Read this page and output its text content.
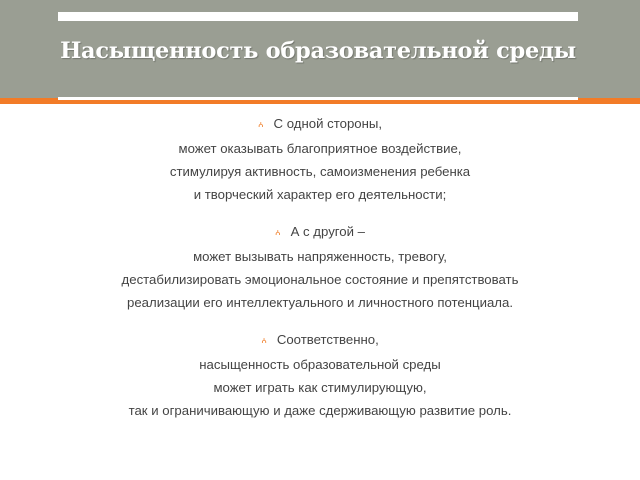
Насыщенность образовательной среды
ꭅ С одной стороны,
может оказывать благоприятное воздействие,
стимулируя активность, самоизменения ребенка
и творческий характер его деятельности;
ꭅ А с другой –
может вызывать напряженность, тревогу,
дестабилизировать эмоциональное состояние и препятствовать
реализации его интеллектуального и личностного потенциала.
ꭅ Соответственно,
насыщенность образовательной среды
может играть как стимулирующую,
так и ограничивающую и даже сдерживающую развитие роль.
